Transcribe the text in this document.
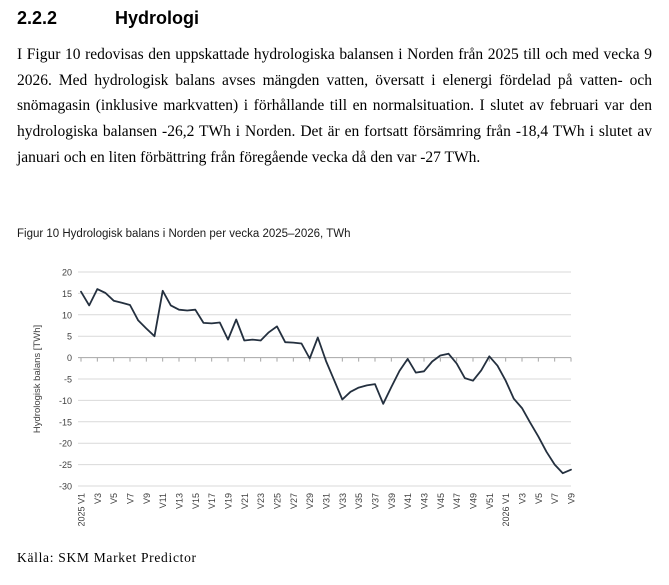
2.2.2	Hydrologi

I Figur 10 redovisas den uppskattade hydrologiska balansen i Norden från 2025 till och med vecka 9 2026. Med hydrologisk balans avses mängden vatten, översatt i elenergi fördelad på vatten- och snömagasin (inklusive markvatten) i förhållande till en normalsituation. I slutet av februari var den hydrologiska balansen -26,2 TWh i Norden. Det är en fortsatt försämring från -18,4 TWh i slutet av januari och en liten förbättring från föregående vecka då den var -27 TWh.

Figur 10 Hydrologisk balans i Norden per vecka 2025–2026, TWh
20
15
10
5
0
-5
-10
-15
-20
-25
-30
2025 V1 V3 V5 V7 V9 V11 V13 V15 V17 V19 V21 V23 V25 V27 V29 V31 V33 V35 V37 V39 V41 V43 V45 V47 V49 V51 2026 V1 V3 V5 V7 V9
Hydrologisk balans [TWh]
Källa: SKM Market Predictor
